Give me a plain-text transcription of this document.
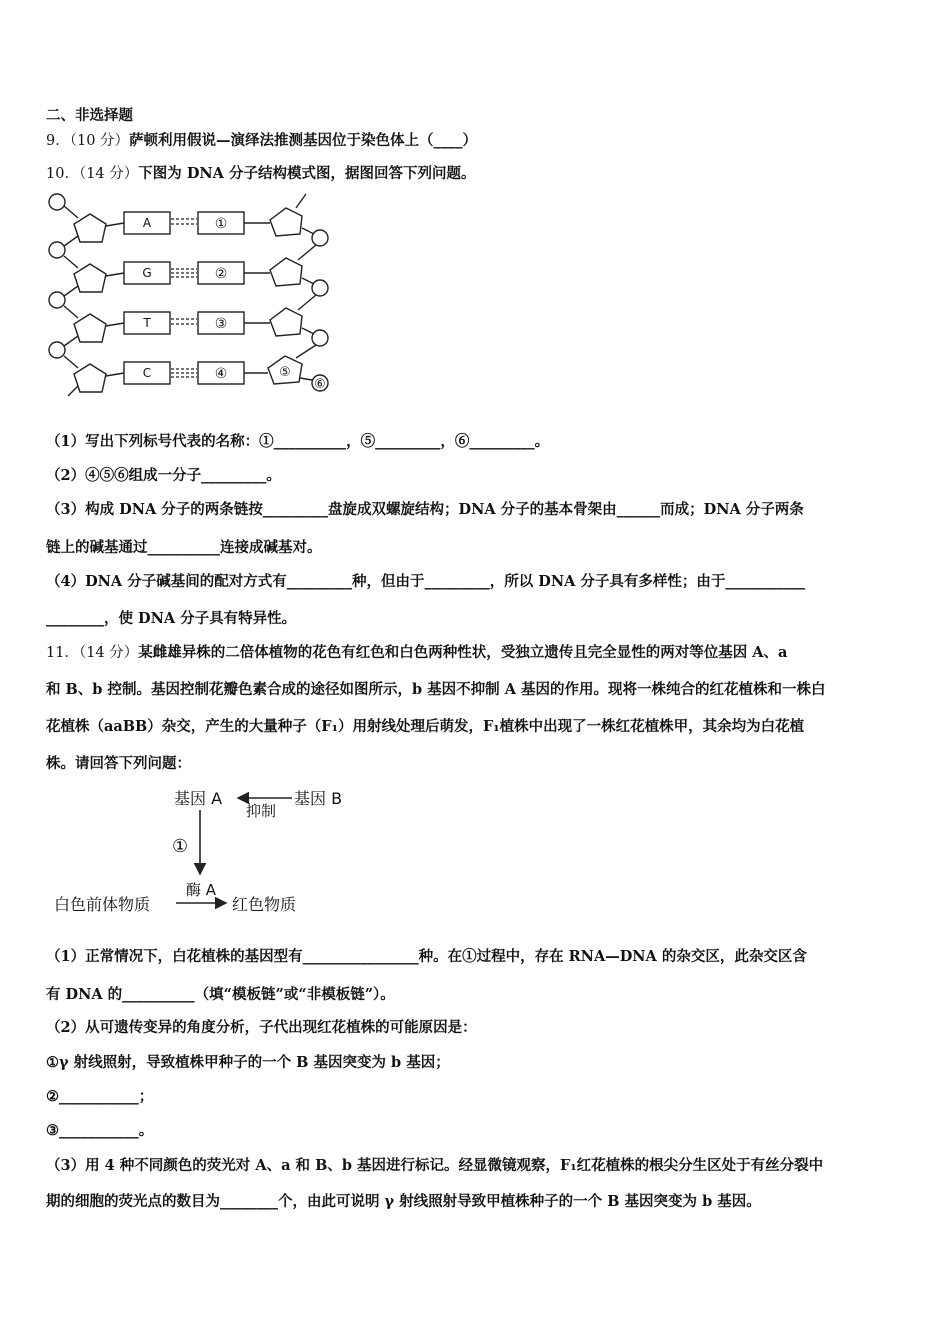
二、非选择题
9．（10 分）萨顿利用假说—演绎法推测基因位于染色体上（____）
10．（14 分）下图为 DNA 分子结构模式图，据图回答下列问题。
A
G
T
C
①
②
③
④	⑤
⑥
（1）写出下列标号代表的名称：①__________，⑤_________，⑥_________。
（2）④⑤⑥组成一分子_________。
（3）构成 DNA 分子的两条链按_________盘旋成双螺旋结构；DNA 分子的基本骨架由______而成；DNA 分子两条
链上的碱基通过__________连接成碱基对。
（4）DNA 分子碱基间的配对方式有_________种，但由于_________，所以 DNA 分子具有多样性；由于___________
________，使 DNA 分子具有特异性。
11．（14 分）某雌雄异株的二倍体植物的花色有红色和白色两种性状，受独立遗传且完全显性的两对等位基因 A、a
和 B、b 控制。基因控制花瓣色素合成的途径如图所示，b 基因不抑制 A 基因的作用。现将一株纯合的红花植株和一株白
花植株（aaBB）杂交，产生的大量种子（F₁）用射线处理后萌发，F₁植株中出现了一株红花植株甲，其余均为白花植
株。请回答下列问题：
基因 A	基因 B
抑制
①
酶 A
白色前体物质	红色物质
（1）正常情况下，白花植株的基因型有________________种。在①过程中，存在 RNA—DNA 的杂交区，此杂交区含
有 DNA 的__________（填“模板链”或“非模板链”）。
（2）从可遗传变异的角度分析，子代出现红花植株的可能原因是：
①γ 射线照射，导致植株甲种子的一个 B 基因突变为 b 基因；
②___________；
③___________。
（3）用 4 种不同颜色的荧光对 A、a 和 B、b 基因进行标记。经显微镜观察，F₁红花植株的根尖分生区处于有丝分裂中
期的细胞的荧光点的数目为________个，由此可说明 γ 射线照射导致甲植株种子的一个 B 基因突变为 b 基因。
